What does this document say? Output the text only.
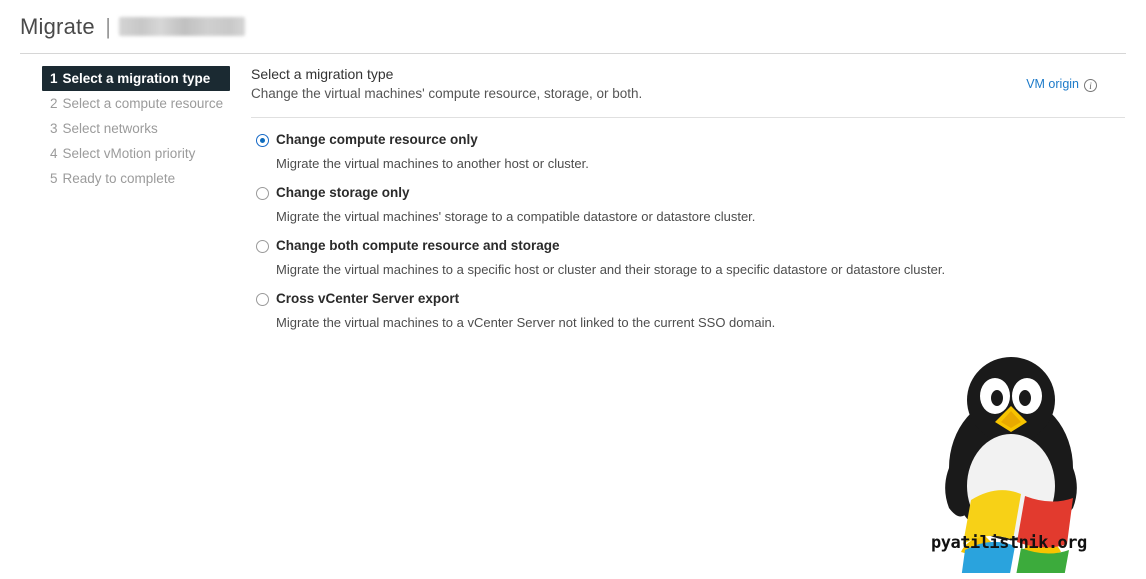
Migrate |
1 Select a migration type
2 Select a compute resource
3 Select networks
4 Select vMotion priority
5 Ready to complete

Select a migration type

Change the virtual machines' compute resource, storage, or both.

VM origin i
Change compute resource only
Migrate the virtual machines to another host or cluster.
Change storage only
Migrate the virtual machines' storage to a compatible datastore or datastore cluster.
Change both compute resource and storage
Migrate the virtual machines to a specific host or cluster and their storage to a specific datastore or datastore cluster.
Cross vCenter Server export
Migrate the virtual machines to a vCenter Server not linked to the current SSO domain.
pyatilistnik.org
